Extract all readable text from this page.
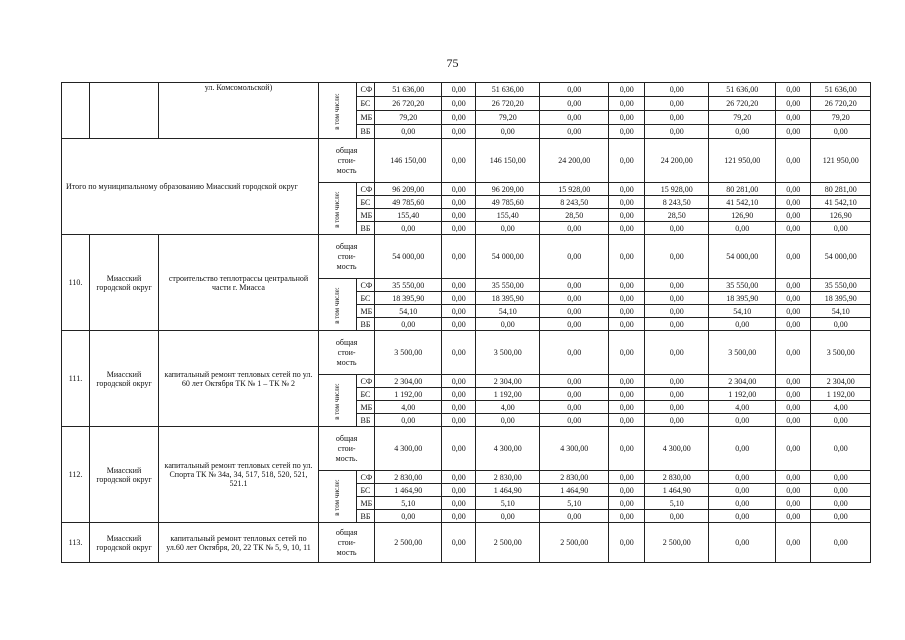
75
		ул. Комсомольской)	в том числе:	СФ	51 636,00	0,00	51 636,00	0,00	0,00	0,00	51 636,00	0,00	51 636,00
				БС	26 720,20	0,00	26 720,20	0,00	0,00	0,00	26 720,20	0,00	26 720,20
				МБ	79,20	0,00	79,20	0,00	0,00	0,00	79,20	0,00	79,20
				ВБ	0,00	0,00	0,00	0,00	0,00	0,00	0,00	0,00	0,00
Итого по муниципальному образованию Миасский городской округ			общая
стои-
мость		146 150,00	0,00	146 150,00	24 200,00	0,00	24 200,00	121 950,00	0,00	121 950,00
			в том числе:	СФ	96 209,00	0,00	96 209,00	15 928,00	0,00	15 928,00	80 281,00	0,00	80 281,00
				БС	49 785,60	0,00	49 785,60	8 243,50	0,00	8 243,50	41 542,10	0,00	41 542,10
				МБ	155,40	0,00	155,40	28,50	0,00	28,50	126,90	0,00	126,90
				ВБ	0,00	0,00	0,00	0,00	0,00	0,00	0,00	0,00	0,00
110.	Миасский городской округ	строительство теплотрассы центральной части г. Миасса	общая
стои-
мость		54 000,00	0,00	54 000,00	0,00	0,00	0,00	54 000,00	0,00	54 000,00
			в том числе:	СФ	35 550,00	0,00	35 550,00	0,00	0,00	0,00	35 550,00	0,00	35 550,00
				БС	18 395,90	0,00	18 395,90	0,00	0,00	0,00	18 395,90	0,00	18 395,90
				МБ	54,10	0,00	54,10	0,00	0,00	0,00	54,10	0,00	54,10
				ВБ	0,00	0,00	0,00	0,00	0,00	0,00	0,00	0,00	0,00
111.	Миасский городской округ	капитальный ремонт тепловых сетей по ул. 60 лет Октября ТК № 1 – ТК № 2	общая
стои-
мость		3 500,00	0,00	3 500,00	0,00	0,00	0,00	3 500,00	0,00	3 500,00
			в том числе:	СФ	2 304,00	0,00	2 304,00	0,00	0,00	0,00	2 304,00	0,00	2 304,00
				БС	1 192,00	0,00	1 192,00	0,00	0,00	0,00	1 192,00	0,00	1 192,00
				МБ	4,00	0,00	4,00	0,00	0,00	0,00	4,00	0,00	4,00
				ВБ	0,00	0,00	0,00	0,00	0,00	0,00	0,00	0,00	0,00
112.	Миасский городской округ	капитальный ремонт тепловых сетей по ул. Спорта ТК № 34а, 34, 517, 518, 520, 521, 521.1	общая
стои-
мость.		4 300,00	0,00	4 300,00	4 300,00	0,00	4 300,00	0,00	0,00	0,00
			в том числе:	СФ	2 830,00	0,00	2 830,00	2 830,00	0,00	2 830,00	0,00	0,00	0,00
				БС	1 464,90	0,00	1 464,90	1 464,90	0,00	1 464,90	0,00	0,00	0,00
				МБ	5,10	0,00	5,10	5,10	0,00	5,10	0,00	0,00	0,00
				ВБ	0,00	0,00	0,00	0,00	0,00	0,00	0,00	0,00	0,00
113.	Миасский городской округ	капитальный ремонт тепловых сетей по ул.60 лет Октября, 20, 22 ТК № 5, 9, 10, 11	общая
стои-
мость		2 500,00	0,00	2 500,00	2 500,00	0,00	2 500,00	0,00	0,00	0,00
